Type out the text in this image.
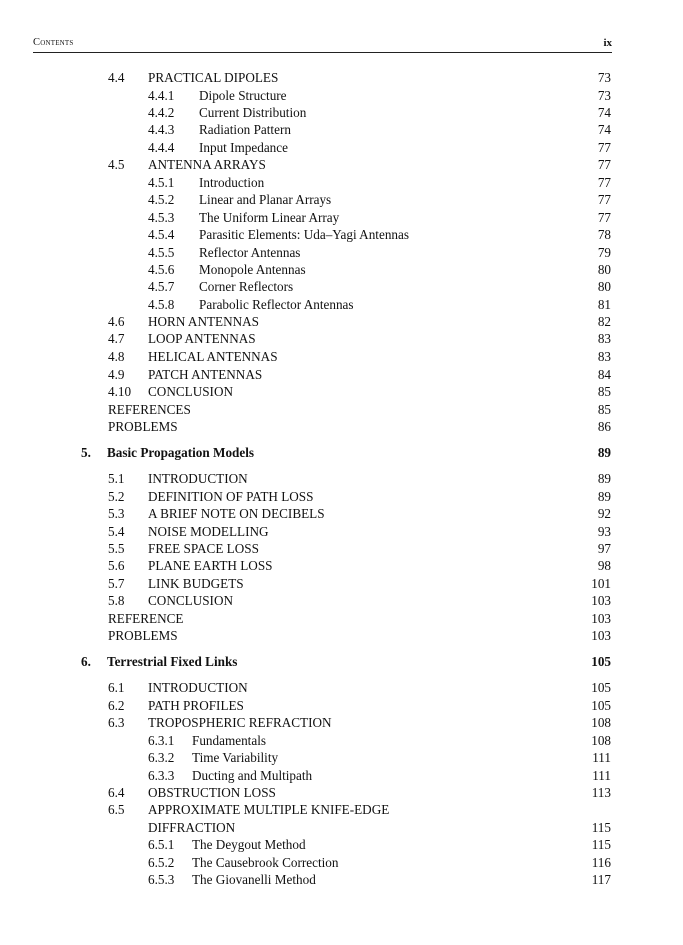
Contents	ix
4.4 PRACTICAL DIPOLES	73
4.4.1 Dipole Structure	73
4.4.2 Current Distribution	74
4.4.3 Radiation Pattern	74
4.4.4 Input Impedance	77
4.5 ANTENNA ARRAYS	77
4.5.1 Introduction	77
4.5.2 Linear and Planar Arrays	77
4.5.3 The Uniform Linear Array	77
4.5.4 Parasitic Elements: Uda–Yagi Antennas	78
4.5.5 Reflector Antennas	79
4.5.6 Monopole Antennas	80
4.5.7 Corner Reflectors	80
4.5.8 Parabolic Reflector Antennas	81
4.6 HORN ANTENNAS	82
4.7 LOOP ANTENNAS	83
4.8 HELICAL ANTENNAS	83
4.9 PATCH ANTENNAS	84
4.10 CONCLUSION	85
REFERENCES	85
PROBLEMS	86
5. Basic Propagation Models	89
5.1 INTRODUCTION	89
5.2 DEFINITION OF PATH LOSS	89
5.3 A BRIEF NOTE ON DECIBELS	92
5.4 NOISE MODELLING	93
5.5 FREE SPACE LOSS	97
5.6 PLANE EARTH LOSS	98
5.7 LINK BUDGETS	101
5.8 CONCLUSION	103
REFERENCE	103
PROBLEMS	103
6. Terrestrial Fixed Links	105
6.1 INTRODUCTION	105
6.2 PATH PROFILES	105
6.3 TROPOSPHERIC REFRACTION	108
6.3.1 Fundamentals	108
6.3.2 Time Variability	111
6.3.3 Ducting and Multipath	111
6.4 OBSTRUCTION LOSS	113
6.5 APPROXIMATE MULTIPLE KNIFE-EDGE
DIFFRACTION	115
6.5.1 The Deygout Method	115
6.5.2 The Causebrook Correction	116
6.5.3 The Giovanelli Method	117
